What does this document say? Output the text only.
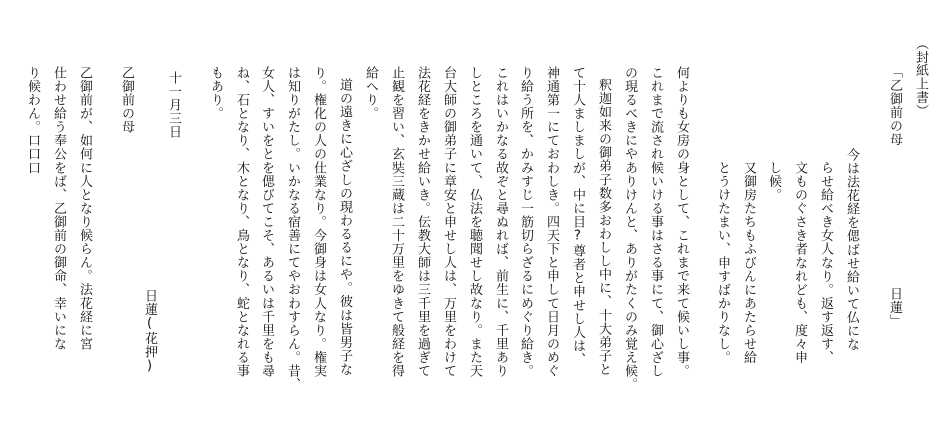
（封紙上書）
「乙御前の母
日蓮」
今は法花経を偲ばせ給いて仏にな
らせ給べき女人なり。返す返す、
文ものぐさき者なれども、度々申
し候。
又御房たちもふびんにあたらせ給
とうけたまい、申すばかりなし。
何よりも女房の身として、これまで来て候いし事。
これまで流され候いける事はさる事にて、御心ざし
の現るべきにやありけんと、ありがたくのみ覚え候。
釈迦如来の御弟子数多おわしし中に、十大弟子と
て十人ましましが、中に目?尊者と申せし人は、
神通第一にておわしき。四天下と申して日月のめぐ
り給う所を、かみすじ一筋切らざるにめぐり給き。
これはいかなる故ぞと尋ぬれば、前生に、千里あり
しところを通いて、仏法を聴聞せし故なり。また天
台大師の御弟子に章安と申せし人は、万里をわけて
法花経をきかせ給いき。伝教大師は三千里を過ぎて
止観を習い、玄奘三蔵は二十万里をゆきて般経を得
給へり。
道の遠きに心ざしの現わるるにや。彼は皆男子な
り。権化の人の仕業なり。今御身は女人なり。権実
は知りがたし。いかなる宿善にてやおわすらん。昔、
女人、すいをとを偲びてこそ、あるいは千里をも尋
ね、石となり、木となり、鳥となり、蛇となれる事
もあり。
十一月三日
日蓮(花押)
乙御前の母
乙御前が、如何に人となり候らん。法花経に宮
仕わせ給う奉公をば、乙御前の御命、幸いにな
り候わん。口口口
